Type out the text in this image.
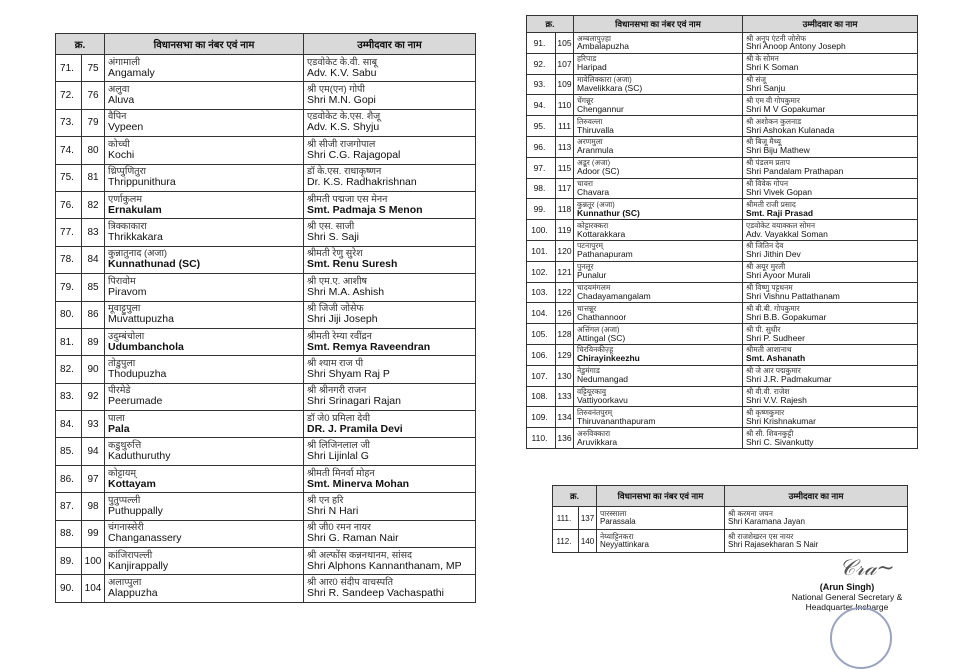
क्र.		विधानसभा का नंबर एवं नाम	उम्मीदवार का नाम
71.	75	अंगामाली
Angamaly	एडवोकेट के.वी. साबू
Adv. K.V. Sabu

72.	76	अलुवा
Aluva	श्री एम(एन) गोपी
Shri M.N. Gopi

73.	79	वैपिन
Vypeen	एडवोकेट के.एस. शैजू
Adv. K.S. Shyju

74.	80	कोच्ची
Kochi	श्री सीजी राजगोपाल
Shri C.G. Rajagopal

75.	81	थ्रिप्पुणितुरा
Thrippunithura	डॉ के.एस. राधाकृष्णन
Dr. K.S. Radhakrishnan

76.	82	एर्णाकुलम
Ernakulam	श्रीमती पद्मजा एस मेनन
Smt. Padmaja S Menon

77.	83	त्रिक्काकारा
Thrikkakara	श्री एस. साजी
Shri S. Saji

78.	84	कुन्नातुनाद (अजा)
Kunnathunad (SC)	श्रीमती रेणु सुरेश
Smt. Renu Suresh

79.	85	पिरावोम
Piravom	श्री एम.ए. आशीष
Shri M.A. Ashish

80.	86	मूवाट्टुपुला
Muvattupuzha	श्री जिजी जोसेफ
Shri Jiji Joseph

81.	89	उदुम्बंचोला
Udumbanchola	श्रीमती रेम्या रवींद्रन
Smt. Remya Raveendran

82.	90	तोडुपुला
Thodupuzha	श्री श्याम राज पी
Shri Shyam Raj P

83.	92	पीरमेडे
Peerumade	श्री श्रीनगरी राजन
Shri Srinagari Rajan

84.	93	पाला
Pala	डॉ जे0 प्रमिला देवी
DR. J. Pramila Devi

85.	94	कडुथुरुत्ति
Kaduthuruthy	श्री लिजिनलाल जी
Shri Lijinlal G

86.	97	कोट्टायम्
Kottayam	श्रीमती मिनर्वा मोहन
Smt. Minerva Mohan

87.	98	पुतुप्पल्ली
Puthuppally	श्री एन हरि
Shri N Hari

88.	99	चंगनास्सेरी
Changanassery	श्री जी0 रमन नायर
Shri G. Raman Nair

89.	100	कांजिरापल्ली
Kanjirappally	श्री अल्फोंस कन्ननथानम, सांसद
Shri Alphons Kannanthanam, MP

90.	104	अलाप्पुला
Alappuzha	श्री आर0 संदीप वाचस्पति
Shri R. Sandeep Vachaspathi
क्र.		विधानसभा का नंबर एवं नाम	उम्मीदवार का नाम
91.	105	अम्बलापुज़्हा
Ambalapuzha	श्री अनूप एंटनी जोसेफ
Shri Anoop Antony Joseph

92.	107	हरिपाड
Haripad	श्री के सोमन
Shri K Soman

93.	109	मावेलिक्कारा (अजा)
Mavelikkara (SC)	श्री संजू
Shri Sanju

94.	110	चेंगन्नूर
Chengannur	श्री एम वी गोपकुमार
Shri M V Gopakumar

95.	111	तिरुवल्ला
Thiruvalla	श्री अशोकन कुलनाड
Shri Ashokan Kulanada

96.	113	अरणमुला
Aranmula	श्री बिजू मैथ्यू
Shri Biju Mathew

97.	115	अडूर (अजा)
Adoor (SC)	श्री पंडलम प्रताप
Shri Pandalam Prathapan

98.	117	चावरा
Chavara	श्री विवेक गोपन
Shri Vivek Gopan

99.	118	कुन्नतूर (अजा)
Kunnathur (SC)	श्रीमती राजी प्रसाद
Smt. Raji Prasad

100.	119	कोट्टारक्करा
Kottarakkara	एडवोकेट वयाक्कल सोमन
Adv. Vayakkal Soman

101.	120	पटनापुरम्
Pathanapuram	श्री जितिन देव
Shri Jithin Dev

102.	121	पुनलूर
Punalur	श्री अयूर मुरली
Shri Ayoor Murali

103.	122	चादयमंगलम
Chadayamangalam	श्री विष्णु पट्टथनम
Shri Vishnu Pattathanam

104.	126	चात्तन्नूर
Chathannoor	श्री बी.बी. गोपकुमार
Shri B.B. Gopakumar

105.	128	अत्तिंगल (अजा)
Attingal (SC)	श्री पी. सुधीर
Shri P. Sudheer

106.	129	चिरयिनकीज़्हू
Chirayinkeezhu	श्रीमती आशानाथ
Smt. Ashanath

107.	130	नेडुमंगाड
Nedumangad	श्री जे आर पद्मकुमार
Shri J.R. Padmakumar

108.	133	वट्टियूरकावु
Vattiyoorkavu	श्री वी.वी. राजेश
Shri V.V. Rajesh

109.	134	तिरुवनंतपुरम्
Thiruvananthapuram	श्री कृष्णकुमार
Shri Krishnakumar

110.	136	अरुविक्कारा
Aruvikkara	श्री सी. शिवनकुट्टी
Shri C. Sivankutty
क्र.		विधानसभा का नंबर एवं नाम	उम्मीदवार का नाम
111.	137	पारस्साला
Parassala	श्री करमना जयन
Shri Karamana Jayan

112.	140	नेय्याट्टिनकरा
Neyyattinkara	श्री राजशेखरन एस नायर
Shri Rajasekharan S Nair
𝒞𝓇𝒶~
(Arun Singh)
National General Secretary &
Headquarter Incharge
